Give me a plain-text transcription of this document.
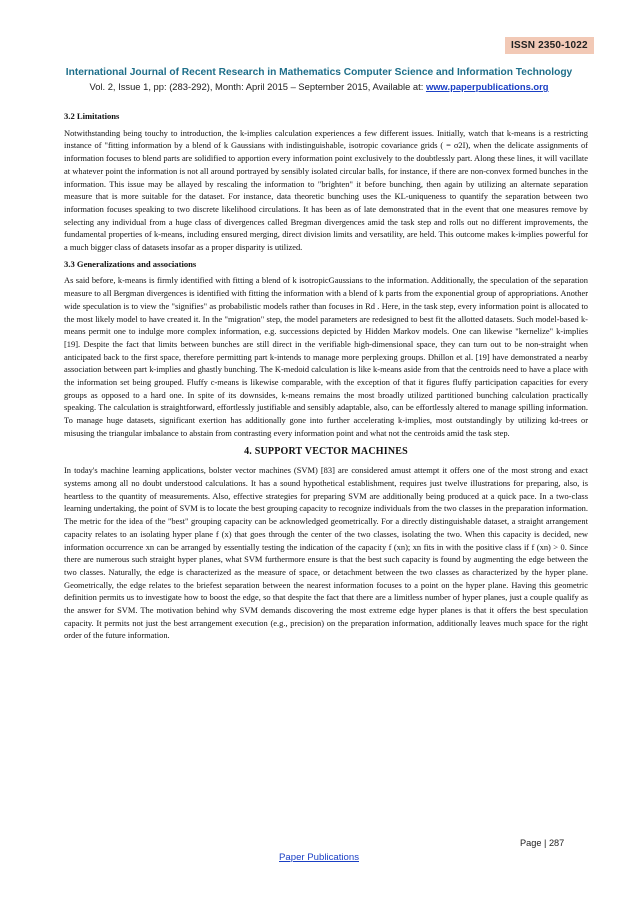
ISSN 2350-1022
International Journal of Recent Research in Mathematics Computer Science and Information Technology
Vol. 2, Issue 1, pp: (283-292), Month: April 2015 – September 2015, Available at: www.paperpublications.org
3.2 Limitations

Notwithstanding being touchy to introduction, the k-implies calculation experiences a few different issues. Initially, watch that k-means is a restricting instance of "fitting information by a blend of k Gaussians with indistinguishable, isotropic covariance grids ( = σ2I), when the delicate assignments of information focuses to blend parts are solidified to apportion every information point exclusively to the doubtlessly part. Along these lines, it will vacillate at whatever point the information is not all around portrayed by sensibly isolated circular balls, for instance, if there are non-convex formed bunches in the information. This issue may be allayed by rescaling the information to "brighten" it before bunching, then again by utilizing an alternate separation measure that is more suitable for the dataset. For instance, data theoretic bunching uses the KL-uniqueness to quantify the separation between two information focuses speaking to two discrete likelihood circulations. It has been as of late demonstrated that in the event that one measures remove by selecting any individual from a huge class of divergences called Bregman divergences amid the task step and rolls out no different improvements, the fundamental properties of k-means, including ensured merging, direct division limits and versatility, are held. This outcome makes k-implies powerful for a much bigger class of datasets insofar as a proper disparity is utilized.

3.3 Generalizations and associations

As said before, k-means is firmly identified with fitting a blend of k isotropicGaussians to the information. Additionally, the speculation of the separation measure to all Bergman divergences is identified with fitting the information with a blend of k parts from the exponential group of appropriations. Another wide speculation is to view the "signifies" as probabilistic models rather than focuses in Rd . Here, in the task step, every information point is allocated to the most likely model to have created it. In the "migration" step, the model parameters are redesigned to best fit the allotted datasets. Such model-based k-means permit one to indulge more complex information, e.g. successions depicted by Hidden Markov models. One can likewise "kernelize" k-implies [19]. Despite the fact that limits between bunches are still direct in the verifiable high-dimensional space, they can turn out to be non-straight when anticipated back to the first space, therefore permitting part k-intends to manage more perplexing groups. Dhillon et al. [19] have demonstrated a nearby association between part k-implies and ghastly bunching. The K-medoid calculation is like k-means aside from that the centroids need to have a place with the information set being grouped. Fluffy c-means is likewise comparable, with the exception of that it figures fluffy participation capacities for every groups as opposed to a hard one. In spite of its downsides, k-means remains the most broadly utilized partitioned bunching calculation practically speaking. The calculation is straightforward, effortlessly justifiable and sensibly adaptable, also, can be effortlessly altered to manage spilling information. To manage huge datasets, significant exertion has additionally gone into further accelerating k-implies, most outstandingly by utilizing kd-trees or misusing the triangular imbalance to abstain from contrasting every information point and what not the centroids amid the task step.

4. SUPPORT VECTOR MACHINES

In today's machine learning applications, bolster vector machines (SVM) [83] are considered amust attempt it offers one of the most strong and exact systems among all no doubt understood calculations. It has a sound hypothetical establishment, requires just twelve illustrations for preparing, also, is heartless to the quantity of measurements. Also, effective strategies for preparing SVM are additionally being produced at a quick pace. In a two-class learning undertaking, the point of SVM is to locate the best grouping capacity to recognize individuals from the two classes in the preparation information. The metric for the idea of the "best" grouping capacity can be acknowledged geometrically. For a directly distinguishable dataset, a straight arrangement capacity relates to an isolating hyper plane f (x) that goes through the center of the two classes, isolating the two. When this capacity is decided, new information occurrence xn can be arranged by essentially testing the indication of the capacity f (xn); xn fits in with the positive class if f (xn) > 0. Since there are numerous such straight hyper planes, what SVM furthermore ensure is that the best such capacity is found by augmenting the edge between the two classes. Naturally, the edge is characterized as the measure of space, or detachment between the two classes as characterized by the hyper plane. Geometrically, the edge relates to the briefest separation between the nearest information focuses to a point on the hyper plane. Having this geometric definition permits us to investigate how to boost the edge, so that despite the fact that there are a limitless number of hyper planes, just a couple qualify as the answer for SVM. The motivation behind why SVM demands discovering the most extreme edge hyper planes is that it offers the best speculation capacity. It permits not just the best arrangement execution (e.g., precision) on the preparation information, additionally leaves much space for the right order of the future information.

Page | 287
Paper Publications
